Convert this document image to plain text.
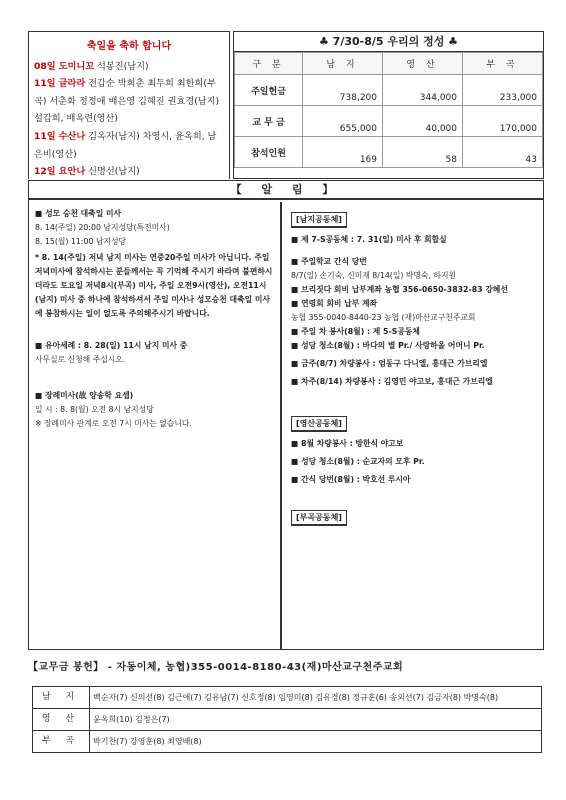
축일을 축하 합니다
08일 도미니꼬 석봉진(남지)
11일 글라라 전갑순 박희춘 최두희 최한희(부곡) 서춘화 정정애 배은영 김혜진 권효경(남지) 설갑희, 배옥련(영산)
11일 수산나 김옥자(남지) 차영시, 윤옥희, 남은비(영산)
12일 요안나 신명선(남지)
♣ 7/30-8/5 우리의 정성 ♣
구 분	남 지	영 산	부 곡
주일헌금	738,200	344,000	233,000
교 무 금	655,000	40,000	170,000
참석인원	169	58	43
【 알 림 】

■ 성모 승천 대축일 미사

8. 14(주일) 20:00 남지성당(특전미사)

8. 15(월) 11:00 남지성당

* 8. 14(주일) 저녁 남지 미사는 연중20주일 미사가 아닙니다. 주일 저녁미사에 참석하시는 분들께서는 꼭 기억해 주시기 바라며 불편하시더라도 토요일 저녁8시(부곡) 미사, 주일 오전9시(영산), 오전11시(남지) 미사 중 하나에 참석하셔서 주일 미사나 성모승천 대축일 미사에 봉참하시는 일이 없도록 주의해주시기 바랍니다.

■ 유아세례 : 8. 28(일) 11시 남지 미사 중

사무실로 신청해 주십시오.

■ 장례미사(故 양송학 요셉)

일 시 : 8. 8(월) 오전 8시 남지성당

※ 장례미사 관계로 오전 7시 미사는 없습니다.

[남지공동체]

■ 제 7-S공동체 : 7. 31(일) 미사 후 회합실

■ 주일학교 간식 당번

8/7(일) 손기숙, 신미재 8/14(일) 박명숙, 하지원

■ 브리짓다 회비 납부계좌 농협 356-0650-3832-83 강혜선

■ 연령회 회비 납부 계좌

농협 355-0040-8440-23 농협 (재)마산교구천주교회

■ 주일 차 봉사(8월) : 제 5-S공동체

■ 성당 청소(8월) : 바다의 별 Pr./ 사랑하올 어머니 Pr.

■ 금주(8/7) 차량봉사 : 엄동구 다니엘, 홍대근 가브리엘

■ 차주(8/14) 차량봉사 : 김영민 야고보, 홍대근 가브리엘

[영산공동체]

■ 8월 차량봉사 : 방한식 야고보

■ 성당 청소(8월) : 순교자의 모후 Pr.

■ 간식 당번(8월) : 박호선 루시아

[부곡공동체]
【교무금 봉헌】 - 자동이체, 농협)355-0014-8180-43(재)마산교구천주교회
남 지	백순자(7) 신의선(8) 김근애(7) 김유남(7) 신호정(8) 임영미(8) 김유경(8) 정규훈(6) 송외선(7) 김금자(8) 박명숙(8)
영 산	윤옥희(10) 김정은(7)
부 곡	박기찬(7) 강영훈(8) 최영배(8)
